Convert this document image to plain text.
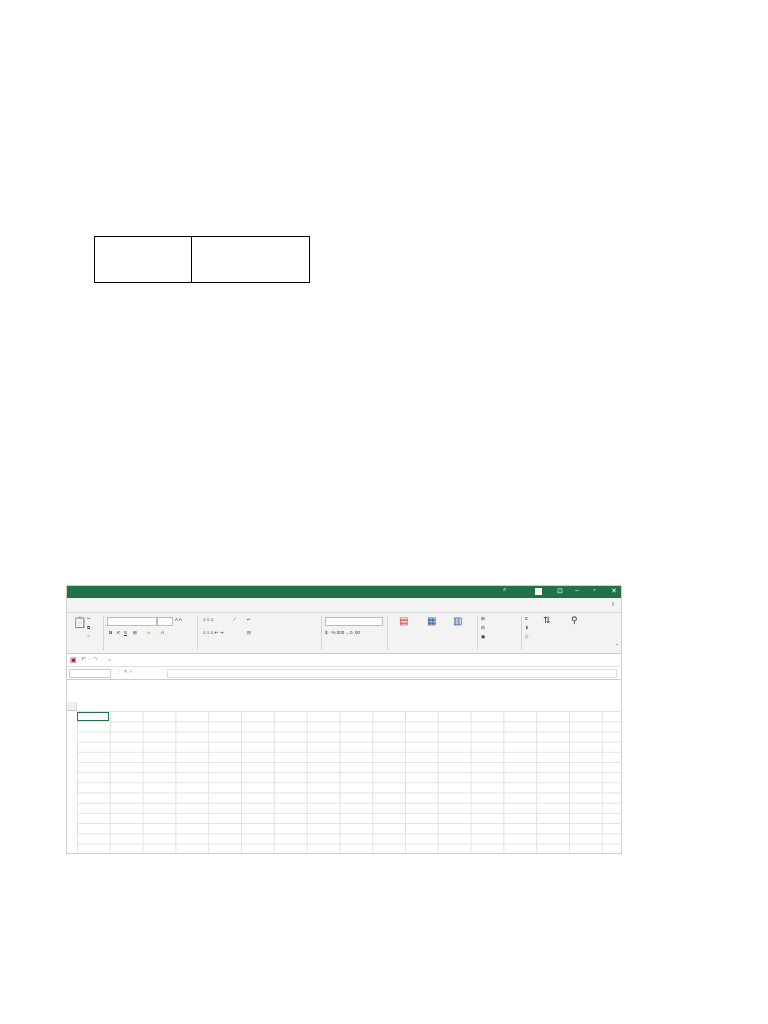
⌕	⊡ – ▫ ✕
⇧
📋 ✂
⧉
✎
A A
N K S ⊞ ◈ A
≡ ≡ ≡
≡ ≡ ≡ ⇤ ⇥
⟋ ↵
⊟	$ · % 000 ←0 .00
▤ ▦ ▥	⊞
⊟
▣
Σ
⬇
◇
⇅ ⚲
⌃
▣ ↶ · ↷ · ⌄
⋮ ✕ ✓
